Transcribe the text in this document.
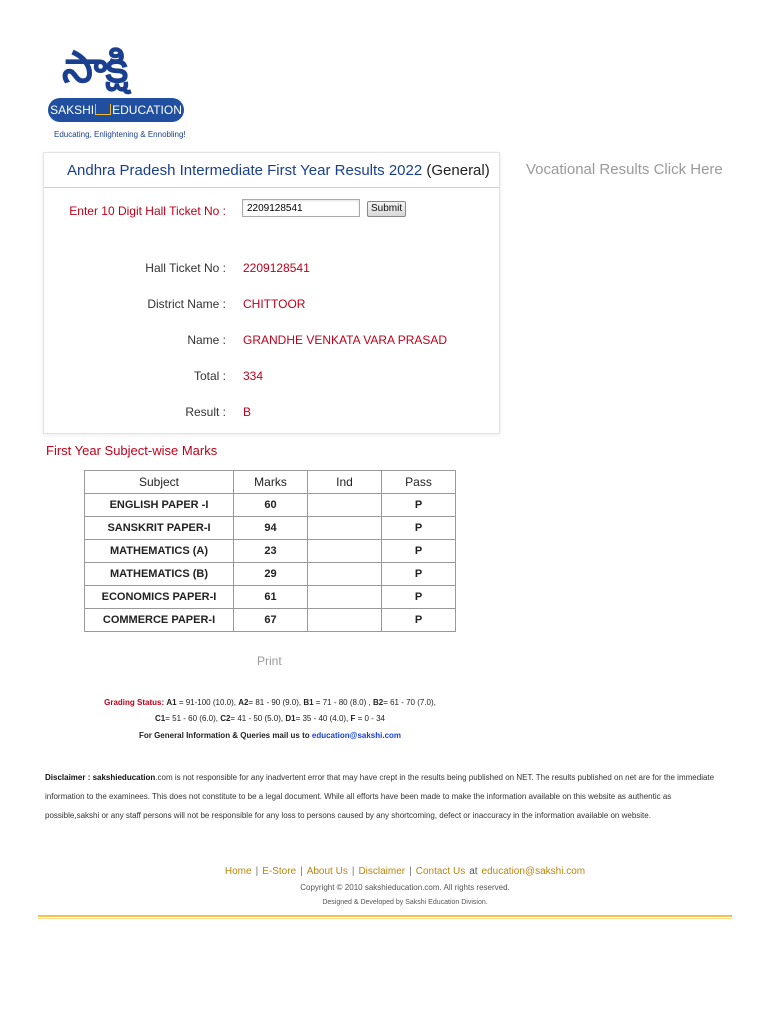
సాక్షి
SAKSHI EDUCATION
Educating, Enlightening & Ennobling!
Andhra Pradesh Intermediate First Year Results 2022 (General)
Enter 10 Digit Hall Ticket No :
2209128541	Submit
Hall Ticket No : 2209128541
District Name : CHITTOOR
Name : GRANDHE VENKATA VARA PRASAD
Total : 334
Result : B
Vocational Results Click Here
First Year Subject-wise Marks
Subject	Marks	Ind	Pass
ENGLISH PAPER -I	60		P
SANSKRIT PAPER-I	94		P
MATHEMATICS (A)	23		P
MATHEMATICS (B)	29		P
ECONOMICS PAPER-I	61		P
COMMERCE PAPER-I	67		P
Print
Grading Status: A1 = 91-100 (10.0), A2= 81 - 90 (9.0), B1 = 71 - 80 (8.0) , B2= 61 - 70 (7.0),
C1= 51 - 60 (6.0), C2= 41 - 50 (5.0), D1= 35 - 40 (4.0), F = 0 - 34
For General Information & Queries mail us to education@sakshi.com
Disclaimer : sakshieducation.com is not responsible for any inadvertent error that may have crept in the results being published on NET. The results published on net are for the immediate information to the examinees. This does not constitute to be a legal document. While all efforts have been made to make the information available on this website as authentic as possible,sakshi or any staff persons will not be responsible for any loss to persons caused by any shortcoming, defect or inaccuracy in the information available on website.
Home | E-Store | About Us | Disclaimer | Contact Us at education@sakshi.com
Copyright © 2010 sakshieducation.com. All rights reserved.
Designed & Developed by Sakshi Education Division.
